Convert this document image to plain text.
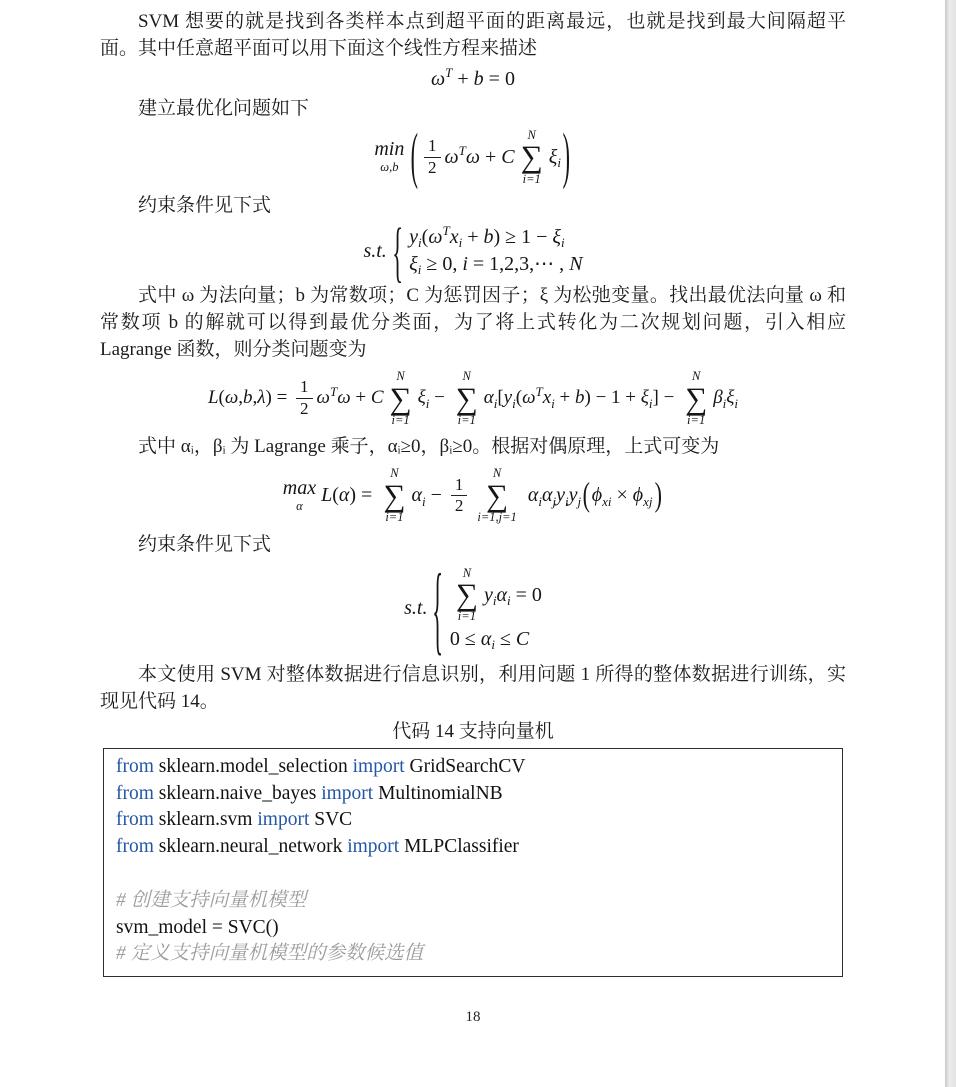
SVM 想要的就是找到各类样本点到超平面的距离最远，也就是找到最大间隔超平面。其中任意超平面可以用下面这个线性方程来描述

ω T + b = 0

建立最优化问题如下

min
ω,b ( $\frac{1}{2}$ ω T ω + C
N
∑
i=1
ξ i )

约束条件见下式

s.t. { y i ( ω T x i + b ) ≥ 1 − ξ i
ξ i ≥ 0, i = 1,2,3,⋯ , N

式中 ω 为法向量；b 为常数项；C 为惩罚因子；ξ 为松弛变量。找出最优法向量 ω 和常数项 b 的解就可以得到最优分类面，为了将上式转化为二次规划问题，引入相应 Lagrange 函数，则分类问题变为

L ( ω , b , λ ) = $\frac{1}{2}$ ω T ω + C
N
∑
i=1
ξ i −
N
∑
i=1
α i [ y i ( ω T x i + b ) − 1 + ξ i ] −
N
∑
i=1
β i ξ i

式中 αᵢ，βᵢ 为 Lagrange 乘子，αᵢ≥0，βᵢ≥0。根据对偶原理，上式可变为

max
α L ( α ) =
N
∑
i=1
α $i - \frac{1}{2}$
N
∑
i=1,j=1

α i α j y i y j ( ϕ xi × ϕ xj )

约束条件见下式

s.t. { N
∑
i=1
y i α i = 0
0 ≤ α i ≤ C

本文使用 SVM 对整体数据进行信息识别，利用问题 1 所得的整体数据进行训练，实现见代码 14。

代码 14 支持向量机
from sklearn.model_selection import GridSearchCV
from sklearn.naive_bayes import MultinomialNB
from sklearn.svm import SVC
from sklearn.neural_network import MLPClassifier

# 创建支持向量机模型
svm_model = SVC()
# 定义支持向量机模型的参数候选值
18
